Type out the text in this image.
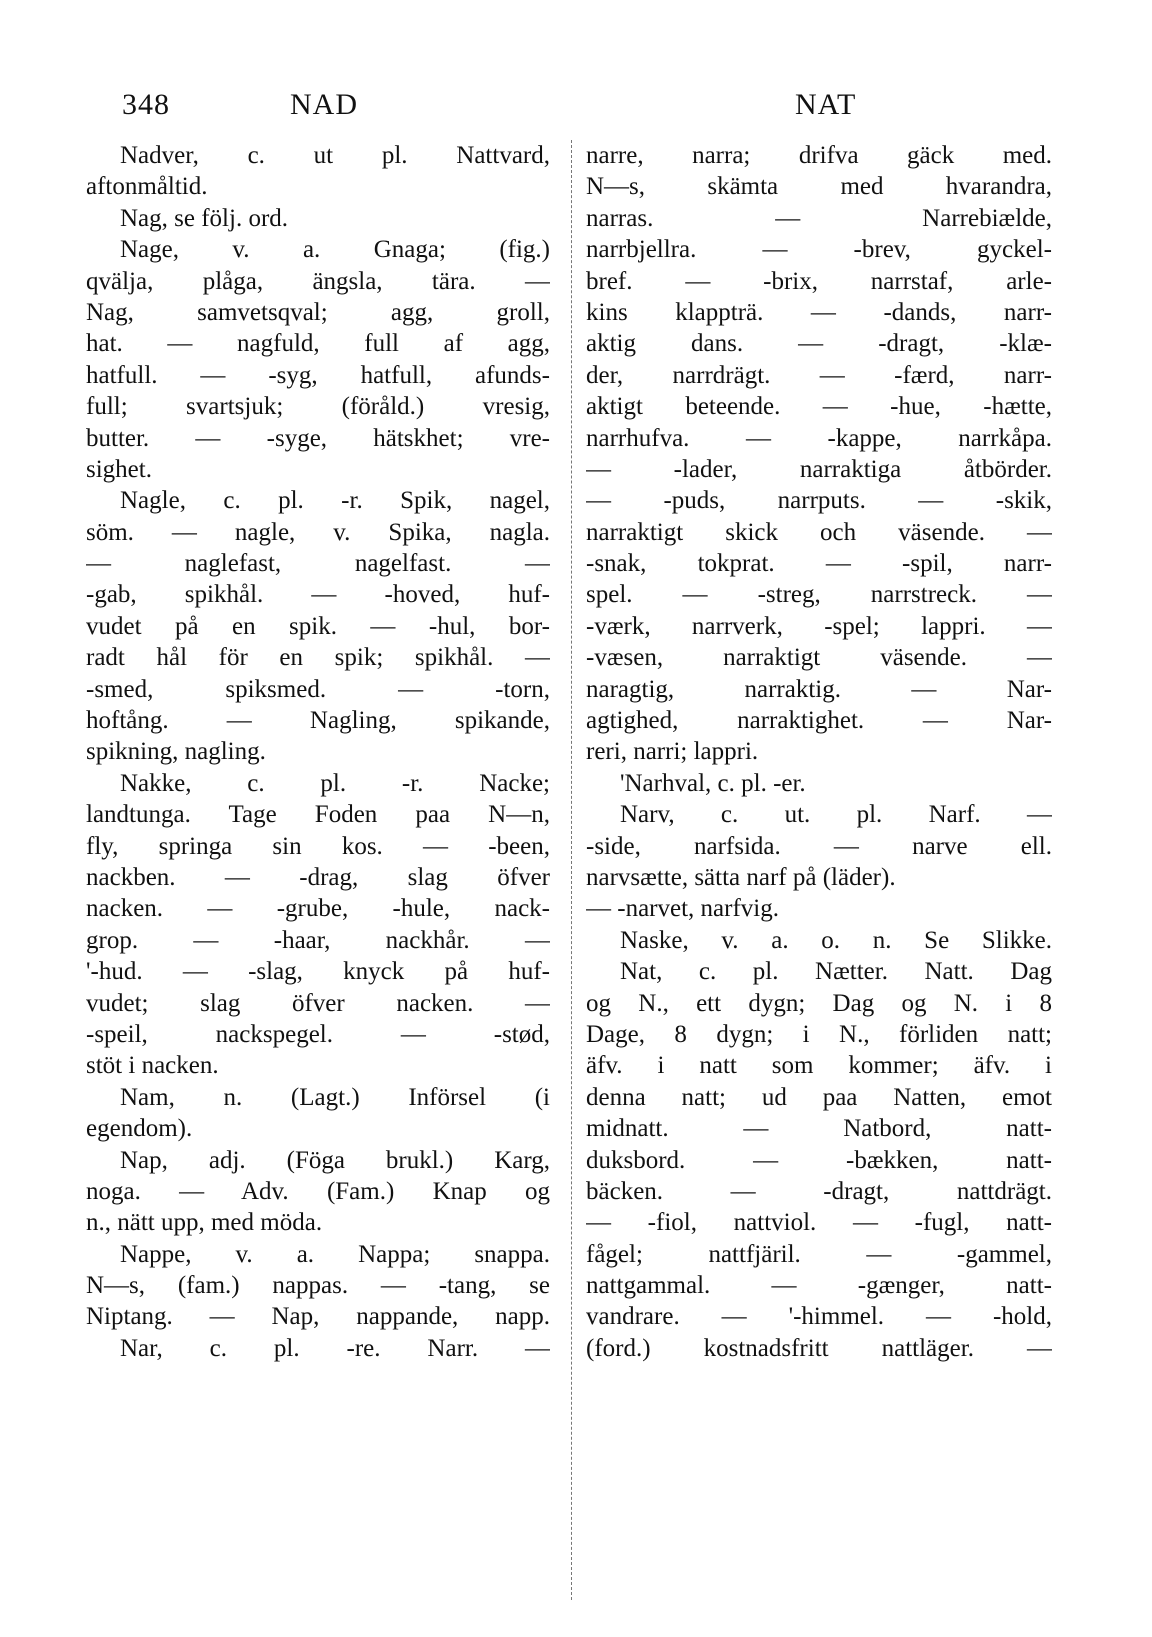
348	NAD	NAT
Nadver, c. ut pl. Nattvard,
aftonmåltid.
Nag, se följ. ord.
Nage, v. a. Gnaga; (fig.)
qvälja, plåga, ängsla, tära. —
Nag, samvetsqval; agg, groll,
hat. — nagfuld, full af agg,
hatfull. — -syg, hatfull, afunds-
full; svartsjuk; (föråld.) vresig,
butter. — -syge, hätskhet; vre-
sighet.
Nagle, c. pl. -r. Spik, nagel,
söm. — nagle, v. Spika, nagla.
— naglefast, nagelfast. —
-gab, spikhål. — -hoved, huf-
vudet på en spik. — -hul, bor-
radt hål för en spik; spikhål. —
-smed, spiksmed. — -torn,
hoftång. — Nagling, spikande,
spikning, nagling.
Nakke, c. pl. -r. Nacke;
landtunga. Tage Foden paa N—n,
fly, springa sin kos. — -been,
nackben. — -drag, slag öfver
nacken. — -grube, -hule, nack-
grop. — -haar, nackhår. —
'-hud. — -slag, knyck på huf-
vudet; slag öfver nacken. —
-speil, nackspegel. — -stød,
stöt i nacken.
Nam, n. (Lagt.) Införsel (i
egendom).
Nap, adj. (Föga brukl.) Karg,
noga. — Adv. (Fam.) Knap og
n., nätt upp, med möda.
Nappe, v. a. Nappa; snappa.
N—s, (fam.) nappas. — -tang, se
Niptang. — Nap, nappande, napp.
Nar, c. pl. -re. Narr. —
narre, narra; drifva gäck med.
N—s, skämta med hvarandra,
narras. — Narrebiælde,
narrbjellra. — -brev, gyckel-
bref. — -brix, narrstaf, arle-
kins klappträ. — -dands, narr-
aktig dans. — -dragt, -klæ-
der, narrdrägt. — -færd, narr-
aktigt beteende. — -hue, -hætte,
narrhufva. — -kappe, narrkåpa.
— -lader, narraktiga åtbörder.
— -puds, narrputs. — -skik,
narraktigt skick och väsende. —
-snak, tokprat. — -spil, narr-
spel. — -streg, narrstreck. —
-værk, narrverk, -spel; lappri. —
-væsen, narraktigt väsende. —
naragtig, narraktig. — Nar-
agtighed, narraktighet. — Nar-
reri, narri; lappri.
'Narhval, c. pl. -er.
Narv, c. ut. pl. Narf. —
-side, narfsida. — narve ell.
narvsætte, sätta narf på (läder).
— -narvet, narfvig.
Naske, v. a. o. n. Se Slikke.
Nat, c. pl. Nætter. Natt. Dag
og N., ett dygn; Dag og N. i 8
Dage, 8 dygn; i N., förliden natt;
äfv. i natt som kommer; äfv. i
denna natt; ud paa Natten, emot
midnatt. — Natbord, natt-
duksbord. — -bækken, natt-
bäcken. — -dragt, nattdrägt.
— -fiol, nattviol. — -fugl, natt-
fågel; nattfjäril. — -gammel,
nattgammal. — -gænger, natt-
vandrare. — '-himmel. — -hold,
(ford.) kostnadsfritt nattläger. —
